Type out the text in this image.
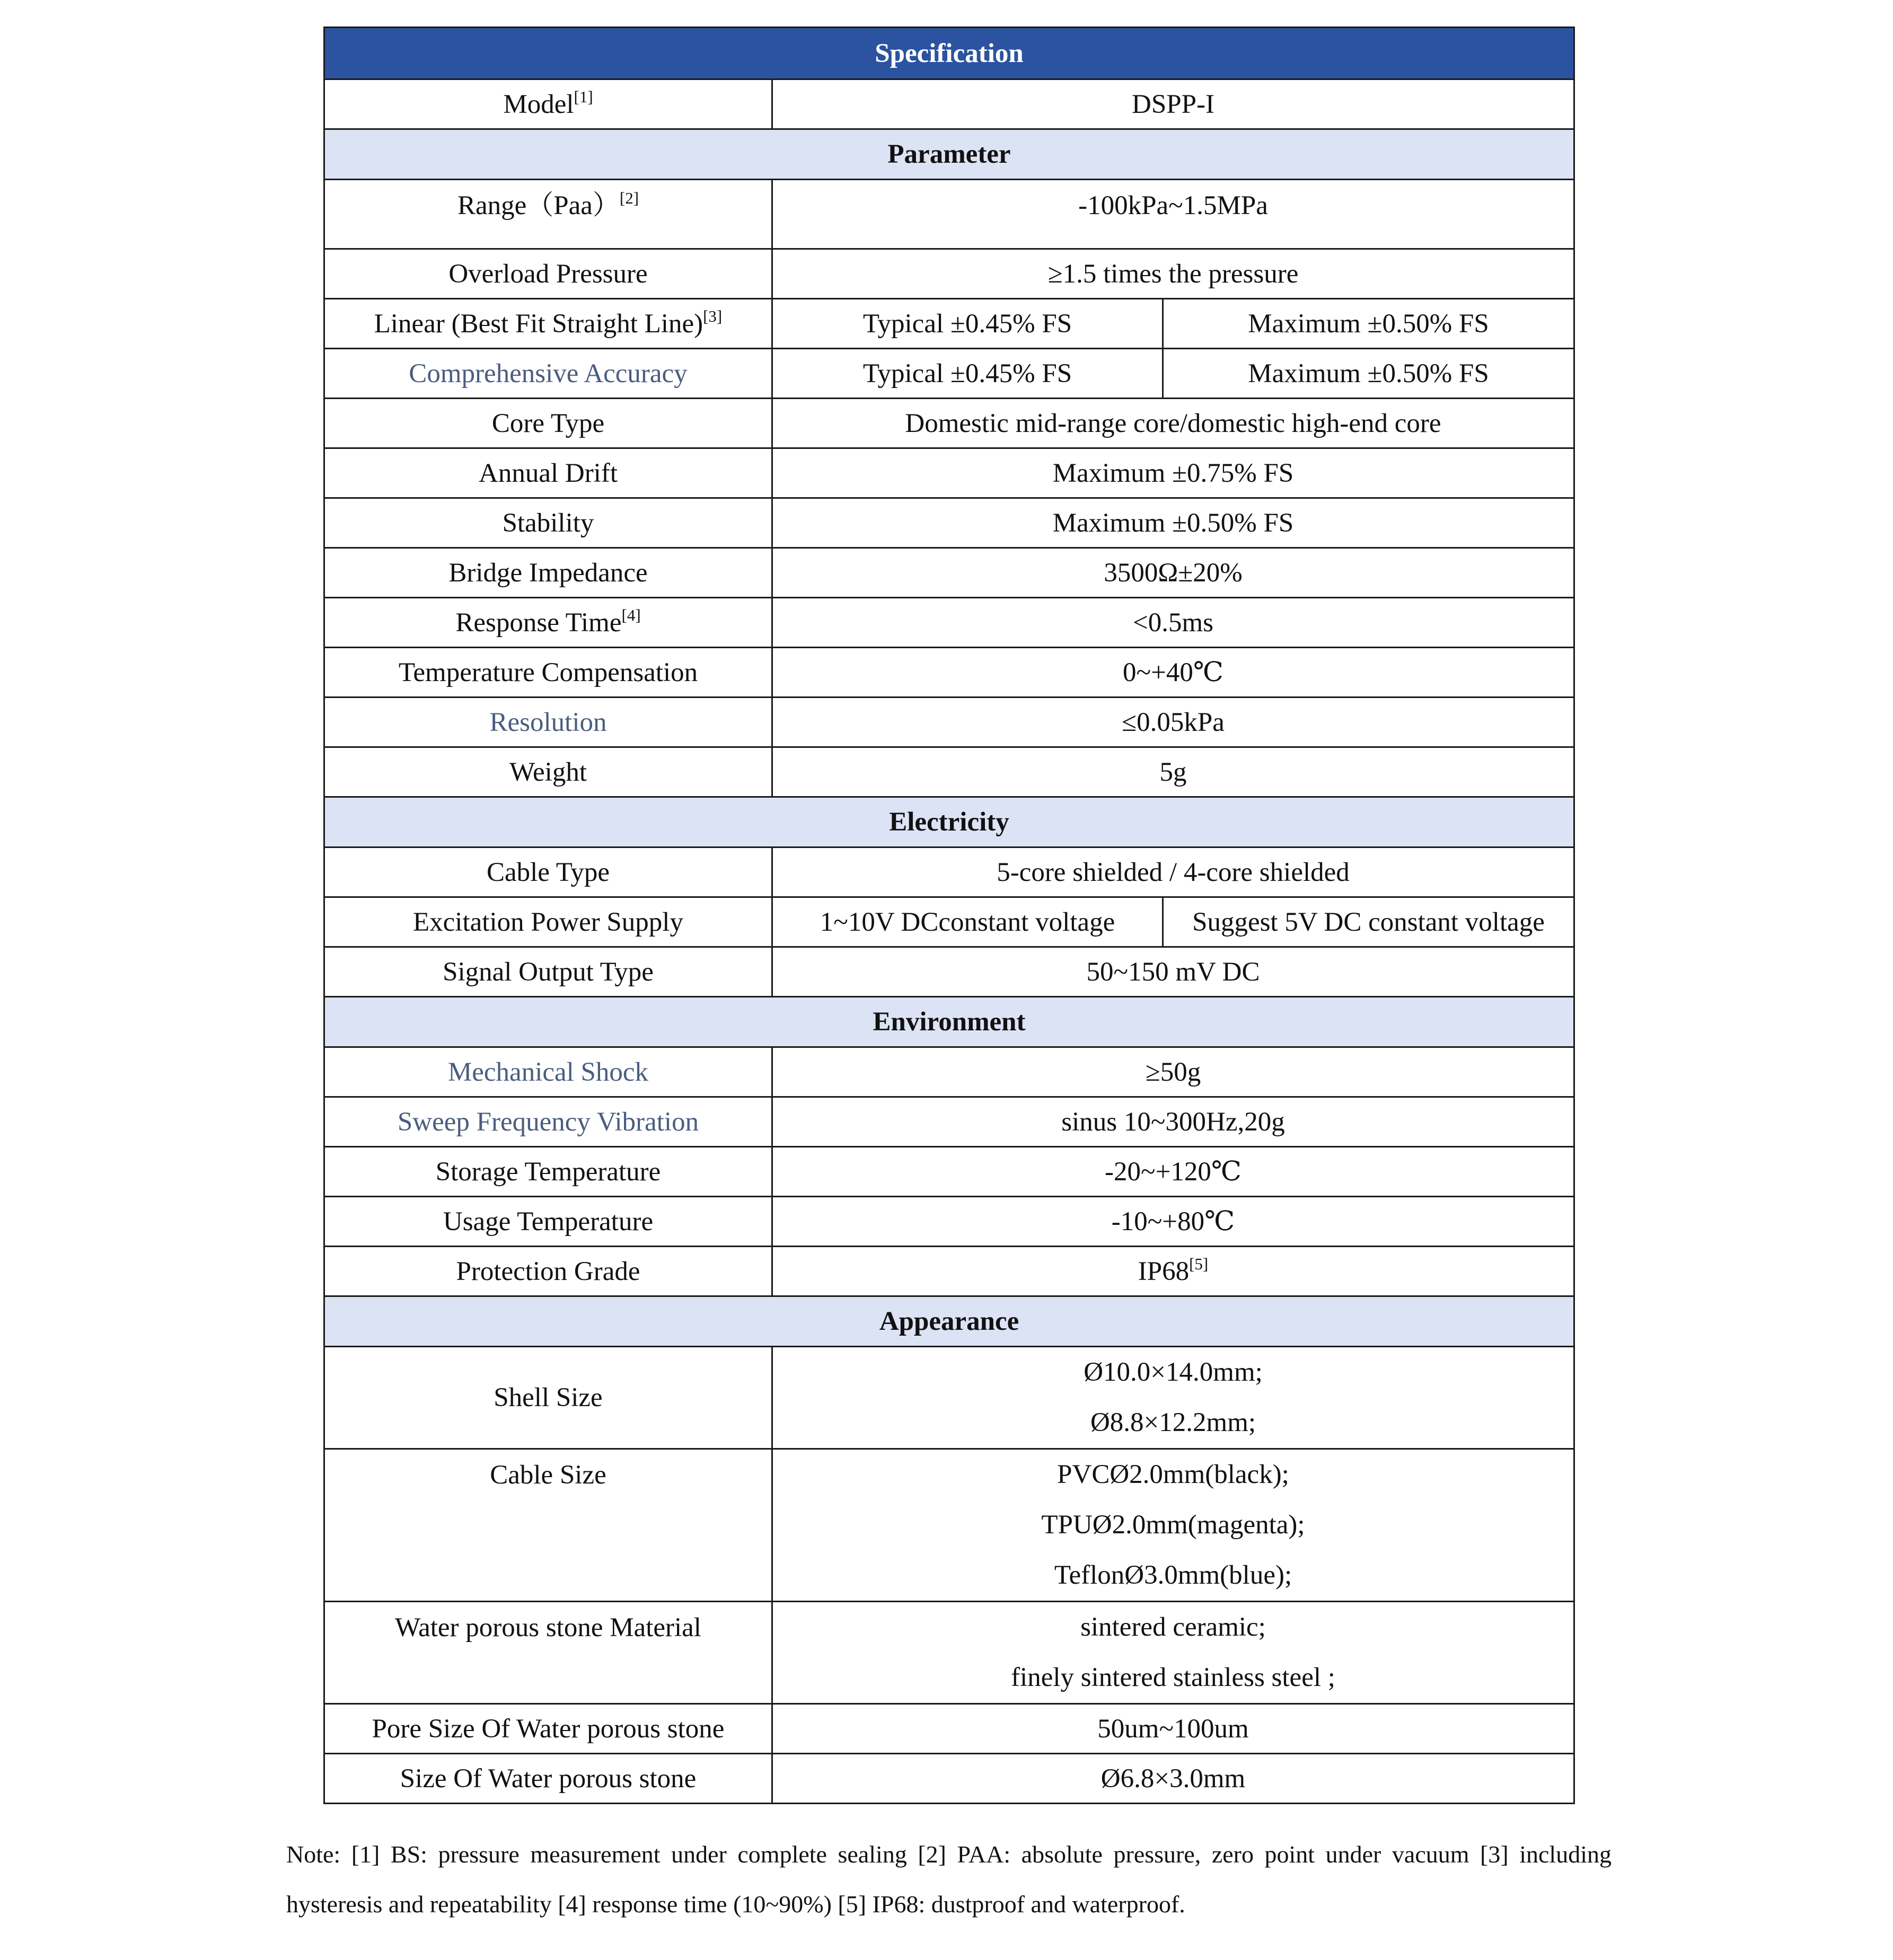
Specification		
Model[1]	DSPP-I	
Parameter		
Range（Paa）[2]	-100kPa~1.5MPa	
Overload Pressure	≥1.5 times the pressure	
Linear (Best Fit Straight Line)[3]	Typical ±0.45% FS	Maximum ±0.50% FS
Comprehensive Accuracy	Typical ±0.45% FS	Maximum ±0.50% FS
Core Type	Domestic mid-range core/domestic high-end core	
Annual Drift	Maximum ±0.75% FS	
Stability	Maximum ±0.50% FS	
Bridge Impedance	3500Ω±20%	
Response Time[4]	<0.5ms	
Temperature Compensation	0~+40℃	
Resolution	≤0.05kPa	
Weight	5g	
Electricity		
Cable Type	5-core shielded / 4-core shielded	
Excitation Power Supply	1~10V DCconstant voltage	Suggest 5V DC constant voltage
Signal Output Type	50~150 mV DC	
Environment		
Mechanical Shock	≥50g	
Sweep Frequency Vibration	sinus 10~300Hz,20g	
Storage Temperature	-20~+120℃	
Usage Temperature	-10~+80℃	
Protection Grade	IP68[5]
Appearance		
Shell Size	Ø10.0×14.0mm;
Ø8.8×12.2mm;	

Cable Size	PVCØ2.0mm(black);
TPUØ2.0mm(magenta);
TeflonØ3.0mm(blue);	

Water porous stone Material	sintered ceramic;
finely sintered stainless steel ;	

Pore Size Of Water porous stone	50um~100um	
Size Of Water porous stone	Ø6.8×3.0mm	
Note: [1] BS: pressure measurement under complete sealing [2] PAA: absolute pressure, zero point under vacuum [3] including hysteresis and repeatability [4] response time (10~90%) [5] IP68: dustproof and waterproof.
